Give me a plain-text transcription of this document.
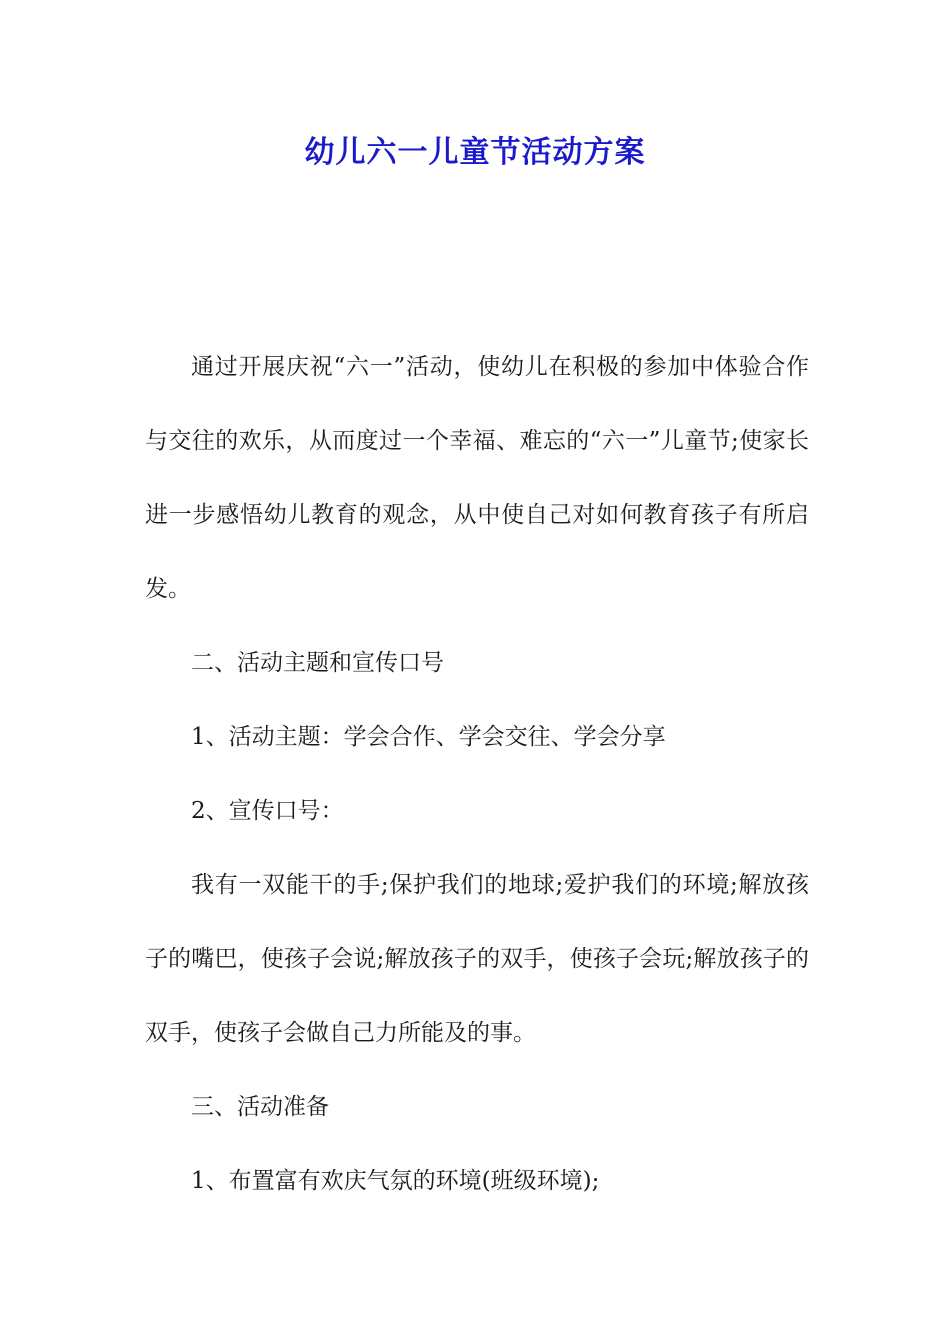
幼儿六一儿童节活动方案

通过开展庆祝“六一”活动，使幼儿在积极的参加中体验合作与交往的欢乐，从而度过一个幸福、难忘的“六一”儿童节;使家长进一步感悟幼儿教育的观念，从中使自己对如何教育孩子有所启发。

二、活动主题和宣传口号

1、活动主题：学会合作、学会交往、学会分享

2、宣传口号：

我有一双能干的手;保护我们的地球;爱护我们的环境;解放孩子的嘴巴，使孩子会说;解放孩子的双手，使孩子会玩;解放孩子的双手，使孩子会做自己力所能及的事。

三、活动准备

1、布置富有欢庆气氛的环境(班级环境);
